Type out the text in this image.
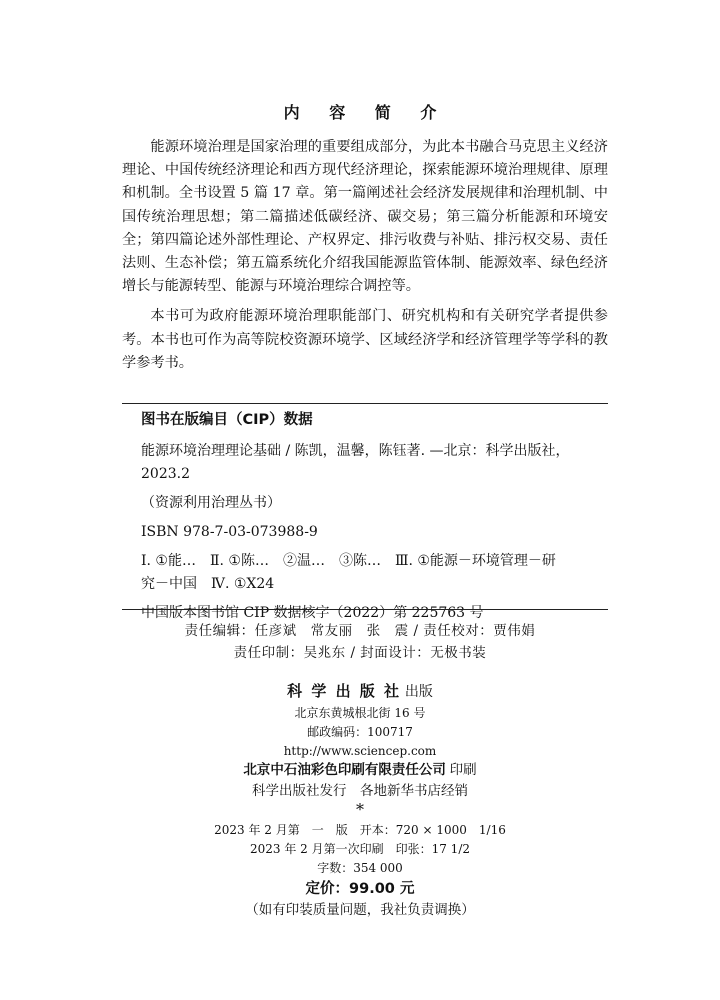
内 容 简 介

能源环境治理是国家治理的重要组成部分，为此本书融合马克思主义经济理论、中国传统经济理论和西方现代经济理论，探索能源环境治理规律、原理和机制。全书设置 5 篇 17 章。第一篇阐述社会经济发展规律和治理机制、中国传统治理思想；第二篇描述低碳经济、碳交易；第三篇分析能源和环境安全；第四篇论述外部性理论、产权界定、排污收费与补贴、排污权交易、责任法则、生态补偿；第五篇系统化介绍我国能源监管体制、能源效率、绿色经济增长与能源转型、能源与环境治理综合调控等。

本书可为政府能源环境治理职能部门、研究机构和有关研究学者提供参考。本书也可作为高等院校资源环境学、区域经济学和经济管理学等学科的教学参考书。

图书在版编目（CIP）数据

能源环境治理理论基础 / 陈凯，温馨，陈钰著. —北京：科学出版社，

2023.2

（资源利用治理丛书）

ISBN 978-7-03-073988-9

Ⅰ. ①能…　Ⅱ. ①陈…　②温…　③陈…　Ⅲ. ①能源－环境管理－研

究－中国　Ⅳ. ①X24

中国版本图书馆 CIP 数据核字（2022）第 225763 号

责任编辑：任彦斌　常友丽　张　震 / 责任校对：贾伟娟
责任印制：吴兆东 / 封面设计：无极书装

科 学 出 版 社 出版

北京东黄城根北街 16 号

邮政编码：100717

http://www.sciencep.com

北京中石油彩色印刷有限责任公司 印刷

科学出版社发行　各地新华书店经销

*

2023 年 2 月第　一　版　开本：720 × 1000　1/16

2023 年 2 月第一次印刷　印张：17 1/2

字数：354 000

定价：99.00 元

（如有印装质量问题，我社负责调换）
